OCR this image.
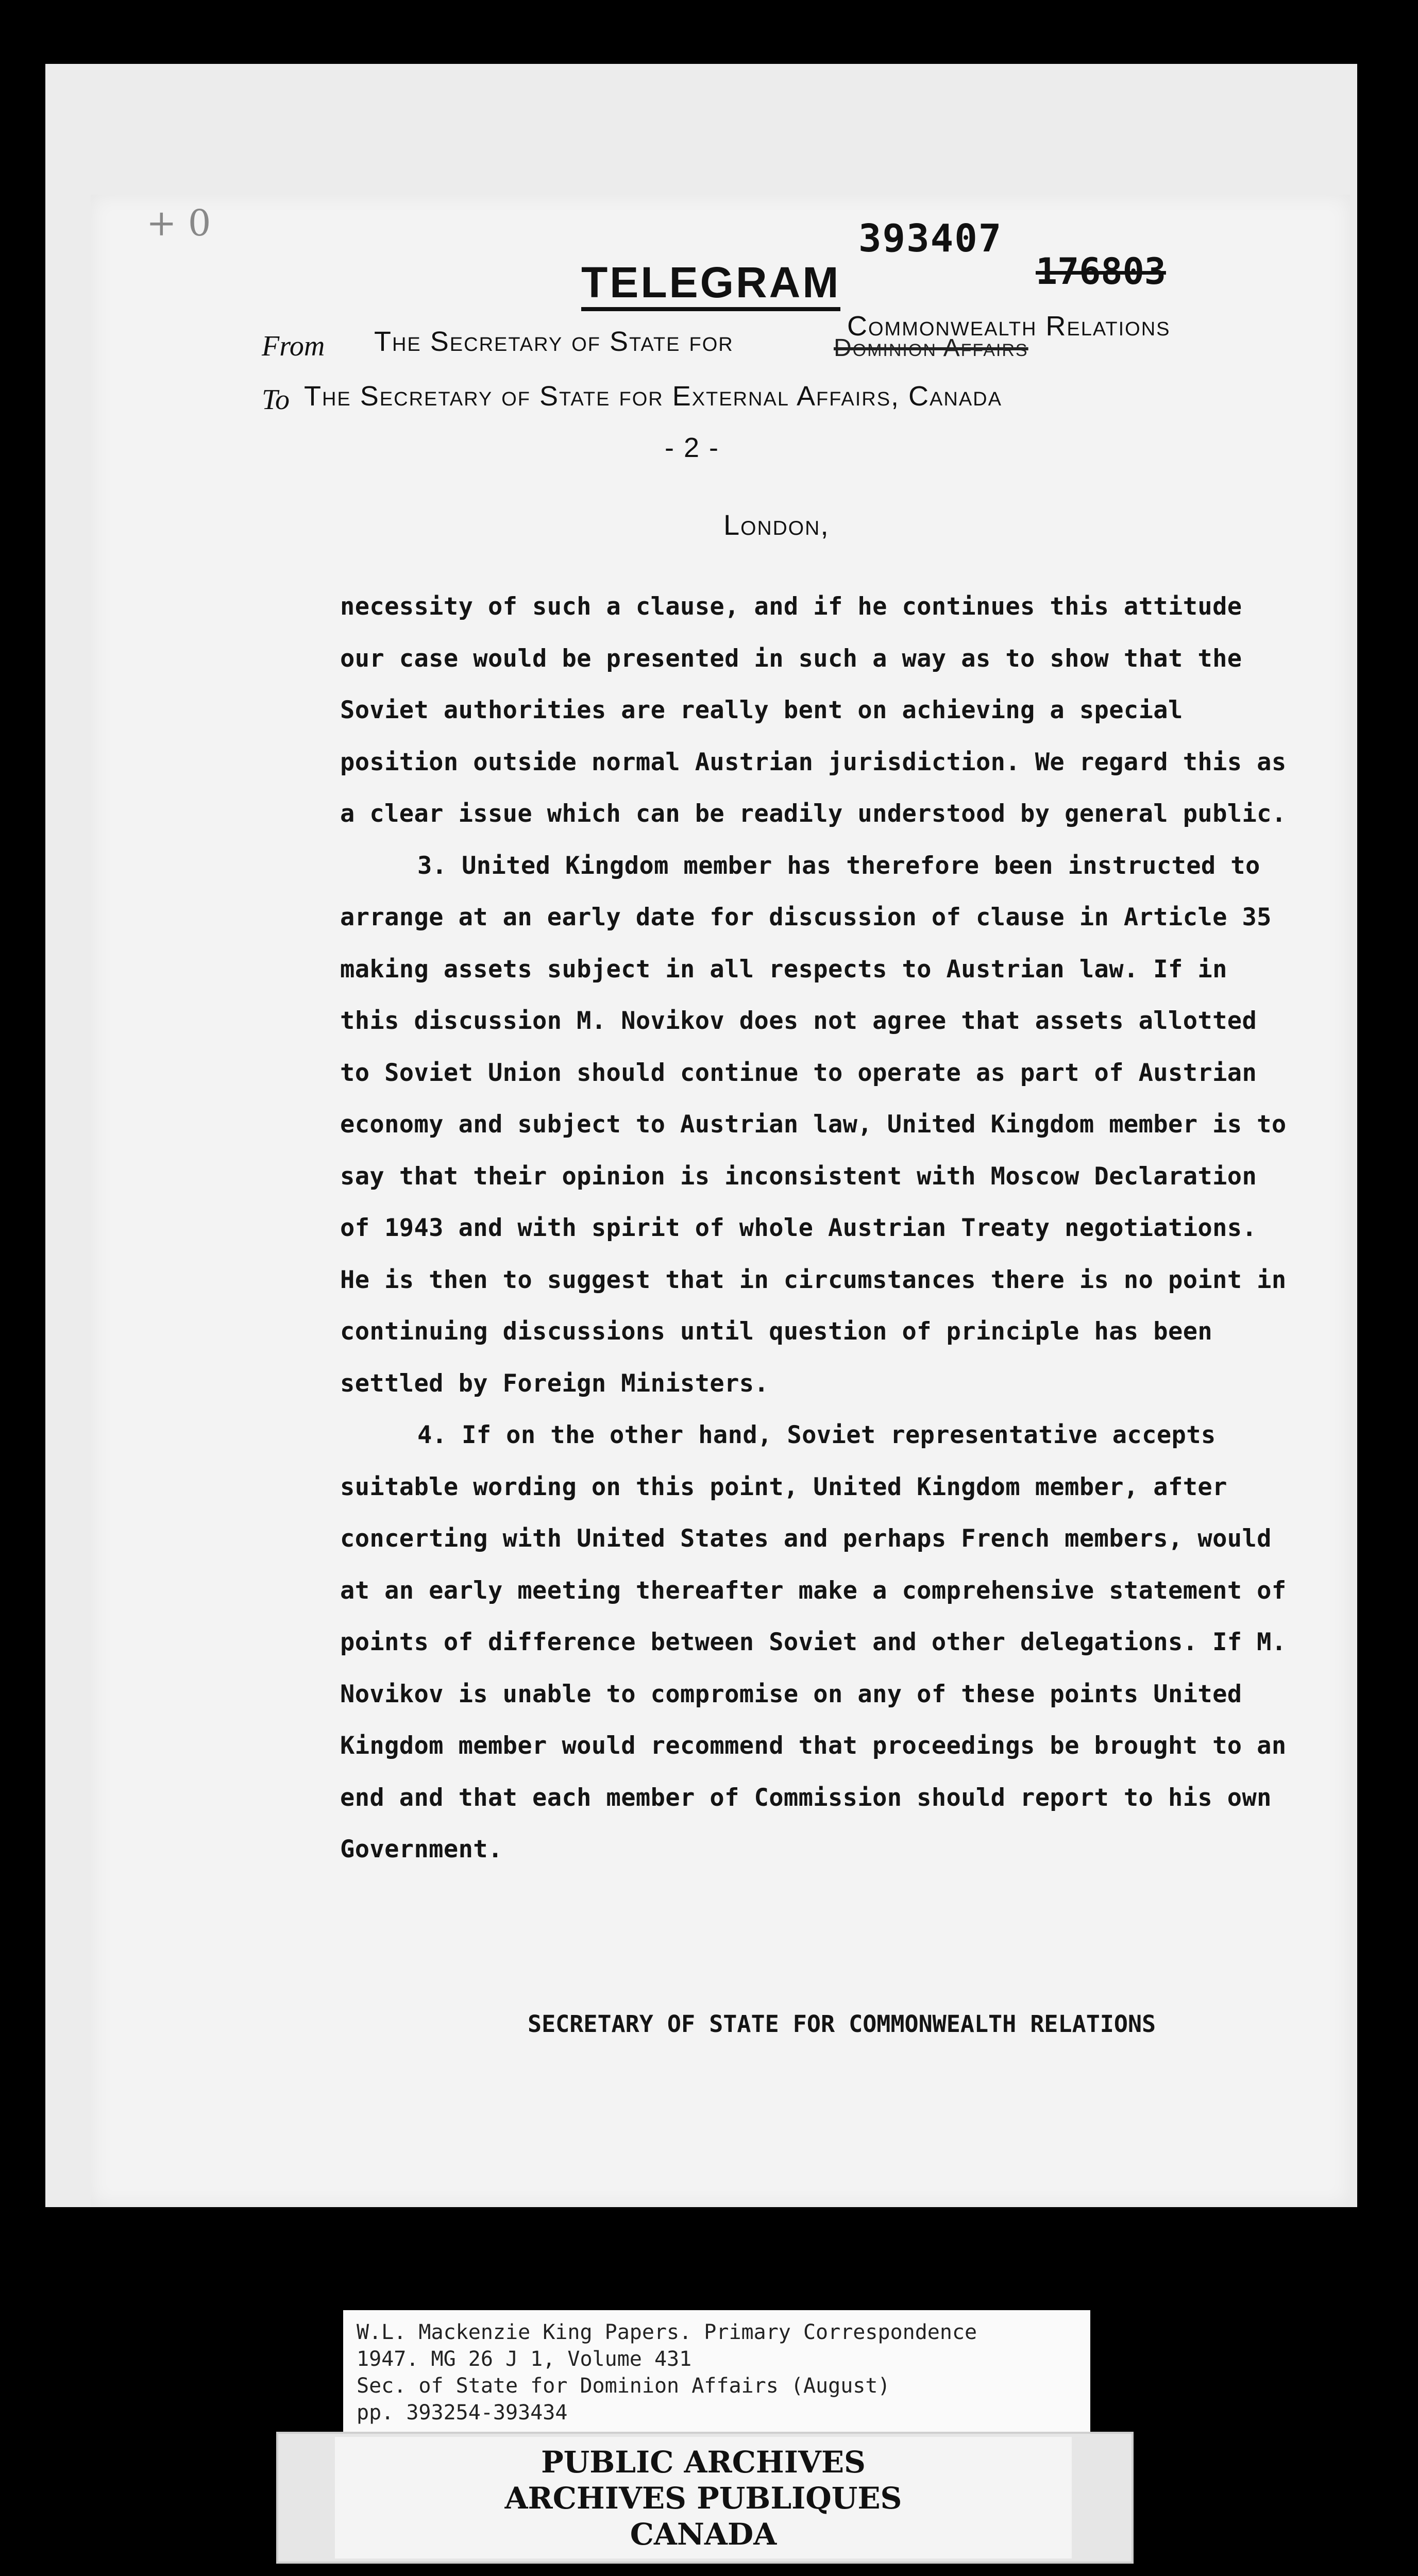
+ 0	393407
176803
TELEGRAM
From The Secretary of State for	Commonwealth Relations
Dominion Affairs
To The Secretary of State for External Affairs, Canada
- 2 -
London,

necessity of such a clause, and if he continues this attitude our case would be presented in such a way as to show that the Soviet authorities are really bent on achieving a special position outside normal Austrian jurisdiction. We regard this as a clear issue which can be readily understood by general public.

3. United Kingdom member has therefore been instructed to arrange at an early date for discussion of clause in Article 35 making assets subject in all respects to Austrian law. If in this discussion M. Novikov does not agree that assets allotted to Soviet Union should continue to operate as part of Austrian economy and subject to Austrian law, United Kingdom member is to say that their opinion is inconsistent with Moscow Declaration of 1943 and with spirit of whole Austrian Treaty negotiations. He is then to suggest that in circumstances there is no point in continuing discussions until question of principle has been settled by Foreign Ministers.

4. If on the other hand, Soviet representative accepts suitable wording on this point, United Kingdom member, after concerting with United States and perhaps French members, would at an early meeting thereafter make a comprehensive statement of points of difference between Soviet and other delegations. If M. Novikov is unable to compromise on any of these points United Kingdom member would recommend that proceedings be brought to an end and that each member of Commission should report to his own Government.

SECRETARY OF STATE FOR COMMONWEALTH RELATIONS
W.L. Mackenzie King Papers. Primary Correspondence
1947. MG 26 J 1, Volume 431
Sec. of State for Dominion Affairs (August)
pp. 393254-393434
PUBLIC ARCHIVES
ARCHIVES PUBLIQUES
CANADA
